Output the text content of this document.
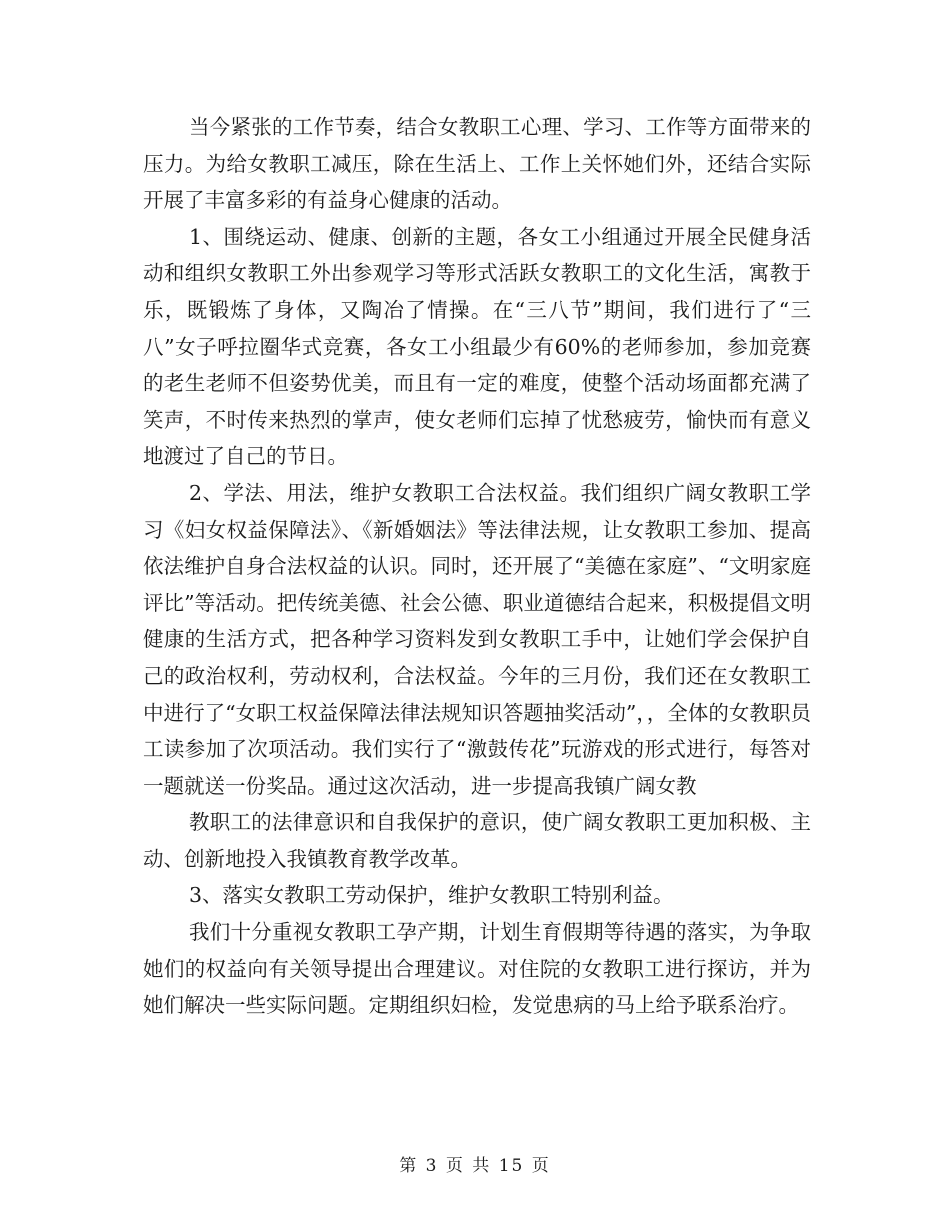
当今紧张的工作节奏，结合女教职工心理、学习、工作等方面带来的压力。为给女教职工减压，除在生活上、工作上关怀她们外，还结合实际开展了丰富多彩的有益身心健康的活动。

1、围绕运动、健康、创新的主题，各女工小组通过开展全民健身活动和组织女教职工外出参观学习等形式活跃女教职工的文化生活，寓教于乐，既锻炼了身体，又陶冶了情操。在“三八节”期间，我们进行了“三八”女子呼拉圈华式竞赛，各女工小组最少有60%的老师参加，参加竞赛的老生老师不但姿势优美，而且有一定的难度，使整个活动场面都充满了笑声，不时传来热烈的掌声，使女老师们忘掉了忧愁疲劳，愉快而有意义地渡过了自己的节日。

2、学法、用法，维护女教职工合法权益。我们组织广阔女教职工学习《妇女权益保障法》、《新婚姻法》等法律法规，让女教职工参加、提高依法维护自身合法权益的认识。同时，还开展了“美德在家庭”、“文明家庭评比”等活动。把传统美德、社会公德、职业道德结合起来，积极提倡文明健康的生活方式，把各种学习资料发到女教职工手中，让她们学会保护自己的政治权利，劳动权利，合法权益。今年的三月份，我们还在女教职工中进行了“女职工权益保障法律法规知识答题抽奖活动”，，全体的女教职员工读参加了次项活动。我们实行了“激鼓传花”玩游戏的形式进行，每答对一题就送一份奖品。通过这次活动，进一步提高我镇广阔女教

教职工的法律意识和自我保护的意识，使广阔女教职工更加积极、主动、创新地投入我镇教育教学改革。

3、落实女教职工劳动保护，维护女教职工特别利益。

我们十分重视女教职工孕产期，计划生育假期等待遇的落实，为争取她们的权益向有关领导提出合理建议。对住院的女教职工进行探访，并为她们解决一些实际问题。定期组织妇检，发觉患病的马上给予联系治疗。

第 3 页 共 15 页
